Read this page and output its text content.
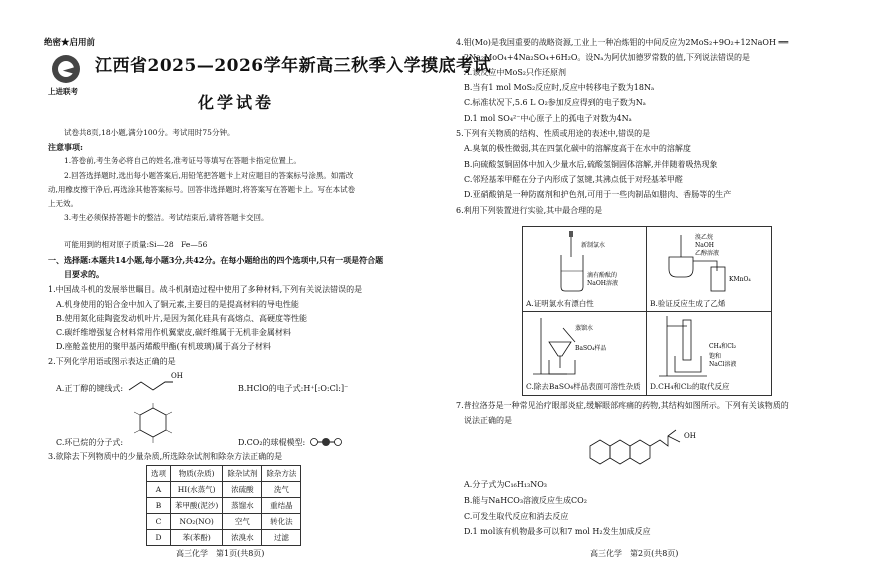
绝密★启用前
上进联考
江西省2025—2026学年新高三秋季入学摸底考试
化学试卷
试卷共8页,18小题,满分100分。考试用时75分钟。
注意事项:
1.答卷前,考生务必将自己的姓名,准考证号等填写在答题卡指定位置上。
2.回答选择题时,选出每小题答案后,用铅笔把答题卡上对应题目的答案标号涂黑。如需改
动,用橡皮擦干净后,再选涂其他答案标号。回答非选择题时,将答案写在答题卡上。写在本试卷
上无效。
3.考生必须保持答题卡的整洁。考试结束后,请将答题卡交回。
可能用到的相对原子质量:Si—28　Fe—56
一、选择题:本题共14小题,每小题3分,共42分。在每小题给出的四个选项中,只有一项是符合题
目要求的。
1.中国战斗机的发展举世瞩目。战斗机制造过程中使用了多种材料,下列有关说法错误的是
A.机身使用的铝合金中加入了铜元素,主要目的是提高材料的导电性能
B.使用氮化硅陶瓷发动机叶片,是因为氮化硅具有高熔点、高硬度等性能
C.碳纤维增强复合材料常用作机翼蒙皮,碳纤维属于无机非金属材料
D.座舱盖使用的聚甲基丙烯酸甲酯(有机玻璃)属于高分子材料
2.下列化学用语或图示表达正确的是
A.正丁醇的键线式:
OH
B.HClO的电子式:H⁺[:O:Cl:]⁻
C.环已烷的分子式:	D.CO₂的球棍模型:
3.欲除去下列物质中的少量杂质,所选除杂试剂和除杂方法正确的是
选项	物质(杂质)	除杂试剂	除杂方法
A	HI(水蒸气)	浓硫酸	洗气
B	苯甲酸(泥沙)	蒸馏水	重结晶
C	NO₂(NO)	空气	转化法
D	苯(苯酚)	浓溴水	过滤
高三化学　第1页(共8页)
4.钼(Mo)是我国重要的战略资源,工业上一种冶炼钼的中间反应为2MoS₂+9O₂+12NaOH ══
2Na₂MoO₄+4Na₂SO₄+6H₂O。设Nₐ为阿伏加德罗常数的值,下列说法错误的是
A.该反应中MoS₂只作还原剂
B.当有1 mol MoS₂反应时,反应中转移电子数为18Nₐ
C.标准状况下,5.6 L O₂参加反应得到的电子数为Nₐ
D.1 mol SO₄²⁻中心原子上的孤电子对数为4Nₐ
5.下列有关物质的结构、性质或用途的表述中,错误的是
A.臭氧的极性微弱,其在四氯化碳中的溶解度高于在水中的溶解度
B.向硫酸氢铜固体中加入少量水后,硫酸氢铜固体溶解,并伴随着吸热现象
C.邻羟基苯甲醛在分子内形成了氢键,其沸点低于对羟基苯甲醛
D.亚硝酸钠是一种防腐剂和护色剂,可用于一些肉制品如腊肉、香肠等的生产
6.利用下列装置进行实验,其中最合理的是
新制氯水
滴有酚酞的
NaOH溶液
A.证明氯水有漂白性
溴乙烷
NaOH
乙醇溶液
KMnO₄
B.验证反应生成了乙烯
蒸馏水
BaSO₄样品
C.除去BaSO₄样品表面可溶性杂质
CH₄和Cl₂
饱和
NaCl溶液
D.CH₄和Cl₂的取代反应
7.普拉洛芬是一种常见治疗眼部炎症,缓解眼部疼痛的药物,其结构如图所示。下列有关该物质的
说法正确的是
OH
A.分子式为C₁₆H₁₃NO₃
B.能与NaHCO₃溶液反应生成CO₂
C.可发生取代反应和消去反应
D.1 mol该有机物最多可以和7 mol H₂发生加成反应
高三化学　第2页(共8页)
